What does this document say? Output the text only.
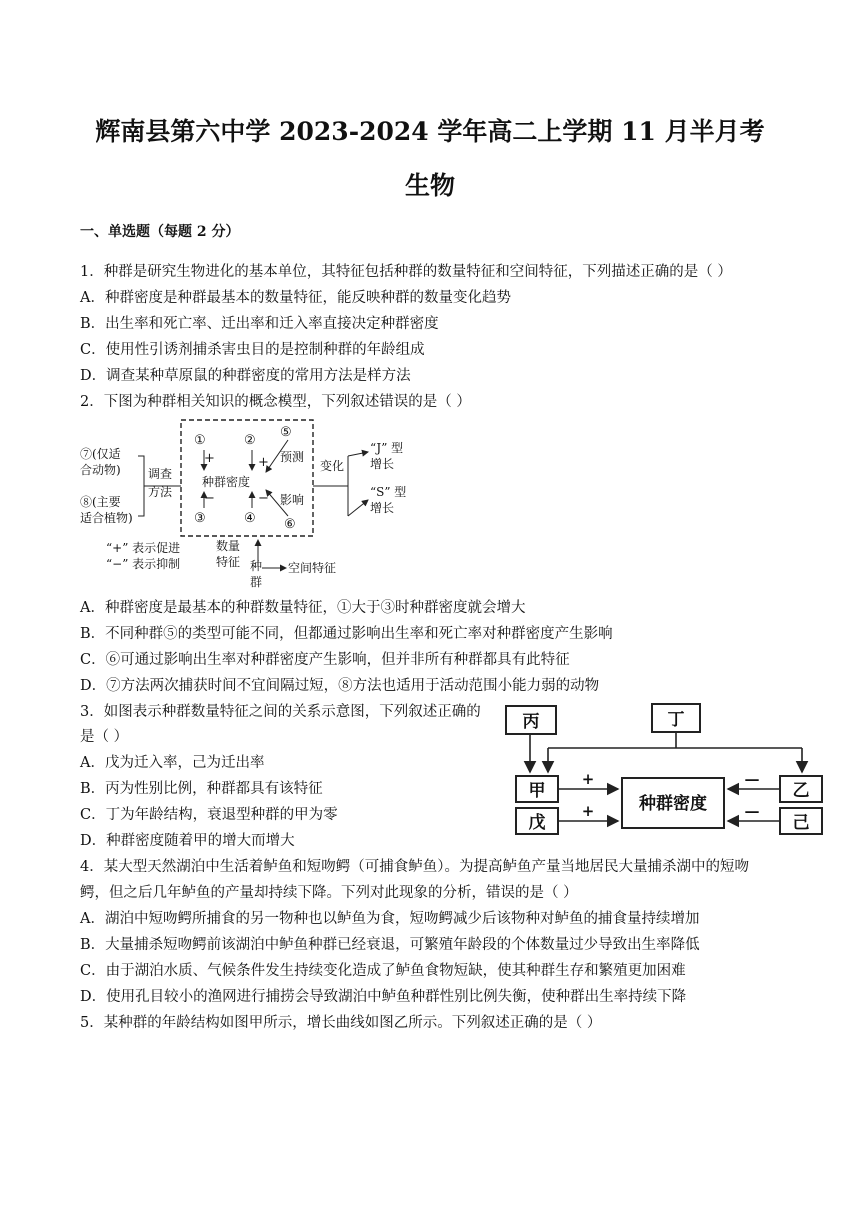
辉南县第六中学 2023-2024 学年高二上学期 11 月半月考
生物
一、单选题（每题 2 分）
1．种群是研究生物进化的基本单位，其特征包括种群的数量特征和空间特征，下列描述正确的是（ ）
A．种群密度是种群最基本的数量特征，能反映种群的数量变化趋势
B．出生率和死亡率、迁出率和迁入率直接决定种群密度
C．使用性引诱剂捕杀害虫目的是控制种群的年龄组成
D．调查某种草原鼠的种群密度的常用方法是样方法
2．下图为种群相关知识的概念模型，下列叙述错误的是（ ）
①	②
⑤
③	④ ⑥
+	+
−	−
种群密度
预测
影响
调查
方法
⑦(仅适
合动物)
⑧(主要
适合植物)
变化
“J” 型
增长
“S” 型
增长
“+” 表示促进
“−” 表示抑制
数量
特征 种
群
空间特征
A．种群密度是最基本的种群数量特征，①大于③时种群密度就会增大
B．不同种群⑤的类型可能不同，但都通过影响出生率和死亡率对种群密度产生影响
C．⑥可通过影响出生率对种群密度产生影响，但并非所有种群都具有此特征
D．⑦方法两次捕获时间不宜间隔过短，⑧方法也适用于活动范围小能力弱的动物
3．如图表示种群数量特征之间的关系示意图，下列叙述正确的
是（ ）
A．戊为迁入率，己为迁出率
B．丙为性别比例，种群都具有该特征
C．丁为年龄结构，衰退型种群的甲为零
D．种群密度随着甲的增大而增大
丙	丁
甲
戊
种群密度
乙
己
+
+
—
—
4．某大型天然湖泊中生活着鲈鱼和短吻鳄（可捕食鲈鱼）。为提高鲈鱼产量当地居民大量捕杀湖中的短吻
鳄，但之后几年鲈鱼的产量却持续下降。下列对此现象的分析，错误的是（ ）
A．湖泊中短吻鳄所捕食的另一物种也以鲈鱼为食，短吻鳄减少后该物种对鲈鱼的捕食量持续增加
B．大量捕杀短吻鳄前该湖泊中鲈鱼种群已经衰退，可繁殖年龄段的个体数量过少导致出生率降低
C．由于湖泊水质、气候条件发生持续变化造成了鲈鱼食物短缺，使其种群生存和繁殖更加困难
D．使用孔目较小的渔网进行捕捞会导致湖泊中鲈鱼种群性别比例失衡，使种群出生率持续下降
5．某种群的年龄结构如图甲所示，增长曲线如图乙所示。下列叙述正确的是（ ）
